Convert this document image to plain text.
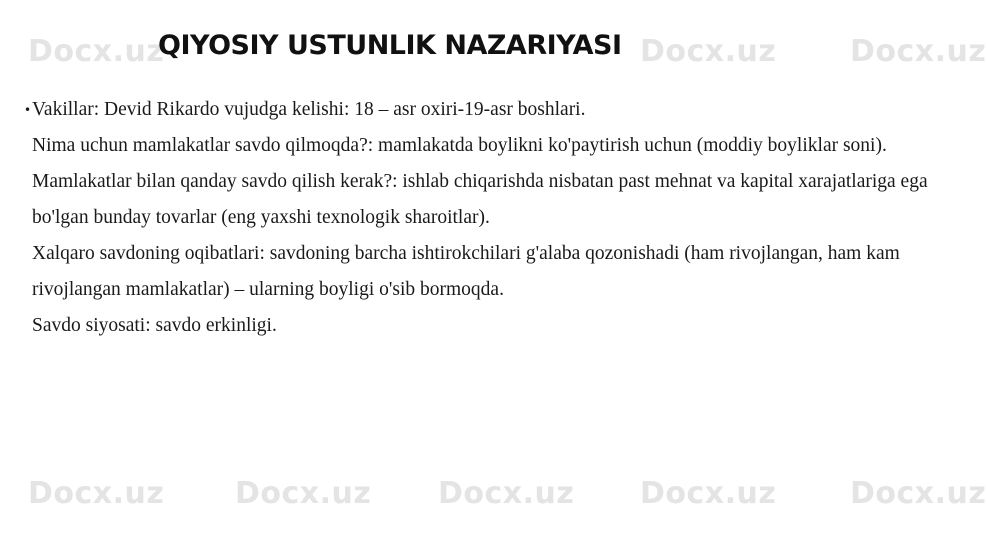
Docx.uz	Docx.uz Docx.uz
Docx.uz Docx.uz Docx.uz Docx.uz Docx.uz
QIYOSIY USTUNLIK NAZARIYASI
• Vakillar: Devid Rikardo vujudga kelishi: 18 – asr oxiri-19-asr boshlari.

Nima uchun mamlakatlar savdo qilmoqda?: mamlakatda boylikni ko'paytirish uchun (moddiy boyliklar soni).

Mamlakatlar bilan qanday savdo qilish kerak?: ishlab chiqarishda nisbatan past mehnat va kapital xarajatlariga ega bo'lgan bunday tovarlar (eng yaxshi texnologik sharoitlar).

Xalqaro savdoning oqibatlari: savdoning barcha ishtirokchilari g'alaba qozonishadi (ham rivojlangan, ham kam rivojlangan mamlakatlar) – ularning boyligi o'sib bormoqda.

Savdo siyosati: savdo erkinligi.
